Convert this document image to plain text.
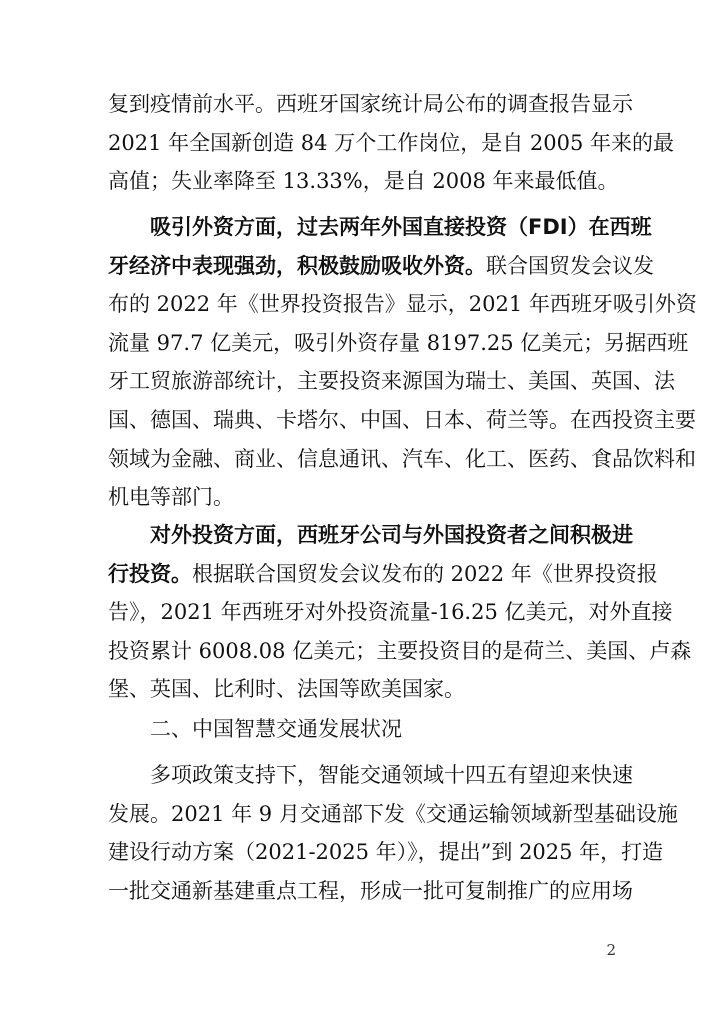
复到疫情前水平。西班牙国家统计局公布的调查报告显示
2021 年全国新创造 84 万个工作岗位，是自 2005 年来的最
高值；失业率降至 13.33%，是自 2008 年来最低值。
吸引外资方面，过去两年外国直接投资（FDI）在西班
牙经济中表现强劲，积极鼓励吸收外资。联合国贸发会议发
布的 2022 年《世界投资报告》显示，2021 年西班牙吸引外资
流量 97.7 亿美元，吸引外资存量 8197.25 亿美元；另据西班
牙工贸旅游部统计，主要投资来源国为瑞士、美国、英国、法
国、德国、瑞典、卡塔尔、中国、日本、荷兰等。在西投资主要
领域为金融、商业、信息通讯、汽车、化工、医药、食品饮料和
机电等部门。
对外投资方面，西班牙公司与外国投资者之间积极进
行投资。根据联合国贸发会议发布的 2022 年《世界投资报
告》，2021 年西班牙对外投资流量-16.25 亿美元，对外直接
投资累计 6008.08 亿美元；主要投资目的是荷兰、美国、卢森
堡、英国、比利时、法国等欧美国家。
二、中国智慧交通发展状况
多项政策支持下，智能交通领域十四五有望迎来快速
发展。2021 年 9 月交通部下发《交通运输领域新型基础设施
建设行动方案（2021-2025 年）》，提出”到 2025 年，打造
一批交通新基建重点工程，形成一批可复制推广的应用场
2
